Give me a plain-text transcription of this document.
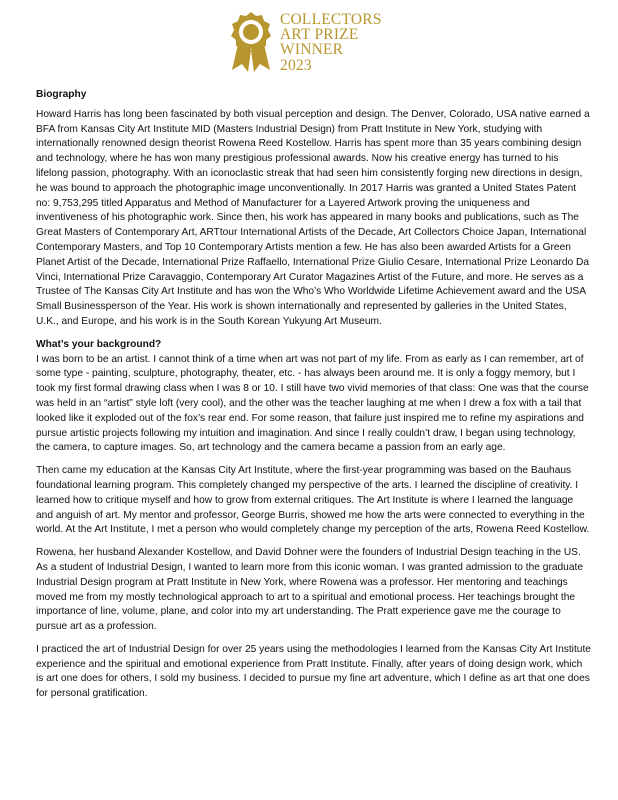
COLLECTORS
ART PRIZE
WINNER
2023
Biography

Howard Harris has long been fascinated by both visual perception and design. The Denver, Colorado, USA native earned a BFA from Kansas City Art Institute MID (Masters Industrial Design) from Pratt Institute in New York, studying with internationally renowned design theorist Rowena Reed Kostellow. Harris has spent more than 35 years combining design and technology, where he has won many prestigious professional awards. Now his creative energy has turned to his lifelong passion, photography. With an iconoclastic streak that had seen him consistently forging new directions in design, he was bound to approach the photographic image unconventionally. In 2017 Harris was granted a United States Patent no: 9,753,295 titled Apparatus and Method of Manufacturer for a Layered Artwork proving the uniqueness and inventiveness of his photographic work. Since then, his work has appeared in many books and publications, such as The Great Masters of Contemporary Art, ARTtour International Artists of the Decade, Art Collectors Choice Japan, International Contemporary Masters, and Top 10 Contemporary Artists mention a few. He has also been awarded Artists for a Green Planet Artist of the Decade, International Prize Raffaello, International Prize Giulio Cesare, International Prize Leonardo Da Vinci, International Prize Caravaggio, Contemporary Art Curator Magazines Artist of the Future, and more. He serves as a Trustee of The Kansas City Art Institute and has won the Who’s Who Worldwide Lifetime Achievement award and the USA Small Businessperson of the Year. His work is shown internationally and represented by galleries in the United States, U.K., and Europe, and his work is in the South Korean Yukyung Art Museum.

What’s your background?

I was born to be an artist. I cannot think of a time when art was not part of my life. From as early as I can remember, art of some type - painting, sculpture, photography, theater, etc. - has always been around me. It is only a foggy memory, but I took my first formal drawing class when I was 8 or 10. I still have two vivid memories of that class: One was that the course was held in an “artist” style loft (very cool), and the other was the teacher laughing at me when I drew a fox with a tail that looked like it exploded out of the fox’s rear end. For some reason, that failure just inspired me to refine my aspirations and pursue artistic projects following my intuition and imagination. And since I really couldn’t draw, I began using technology, the camera, to capture images. So, art technology and the camera became a passion from an early age.

Then came my education at the Kansas City Art Institute, where the first-year programming was based on the Bauhaus foundational learning program. This completely changed my perspective of the arts. I learned the discipline of creativity. I learned how to critique myself and how to grow from external critiques. The Art Institute is where I learned the language and anguish of art. My mentor and professor, George Burris, showed me how the arts were connected to everything in the world. At the Art Institute, I met a person who would completely change my perception of the arts, Rowena Reed Kostellow.

Rowena, her husband Alexander Kostellow, and David Dohner were the founders of Industrial Design teaching in the US. As a student of Industrial Design, I wanted to learn more from this iconic woman. I was granted admission to the graduate Industrial Design program at Pratt Institute in New York, where Rowena was a professor. Her mentoring and teachings moved me from my mostly technological approach to art to a spiritual and emotional process. Her teachings brought the importance of line, volume, plane, and color into my art understanding. The Pratt experience gave me the courage to pursue art as a profession.

I practiced the art of Industrial Design for over 25 years using the methodologies I learned from the Kansas City Art Institute experience and the spiritual and emotional experience from Pratt Institute. Finally, after years of doing design work, which is art one does for others, I sold my business. I decided to pursue my fine art adventure, which I define as art that one does for personal gratification.
